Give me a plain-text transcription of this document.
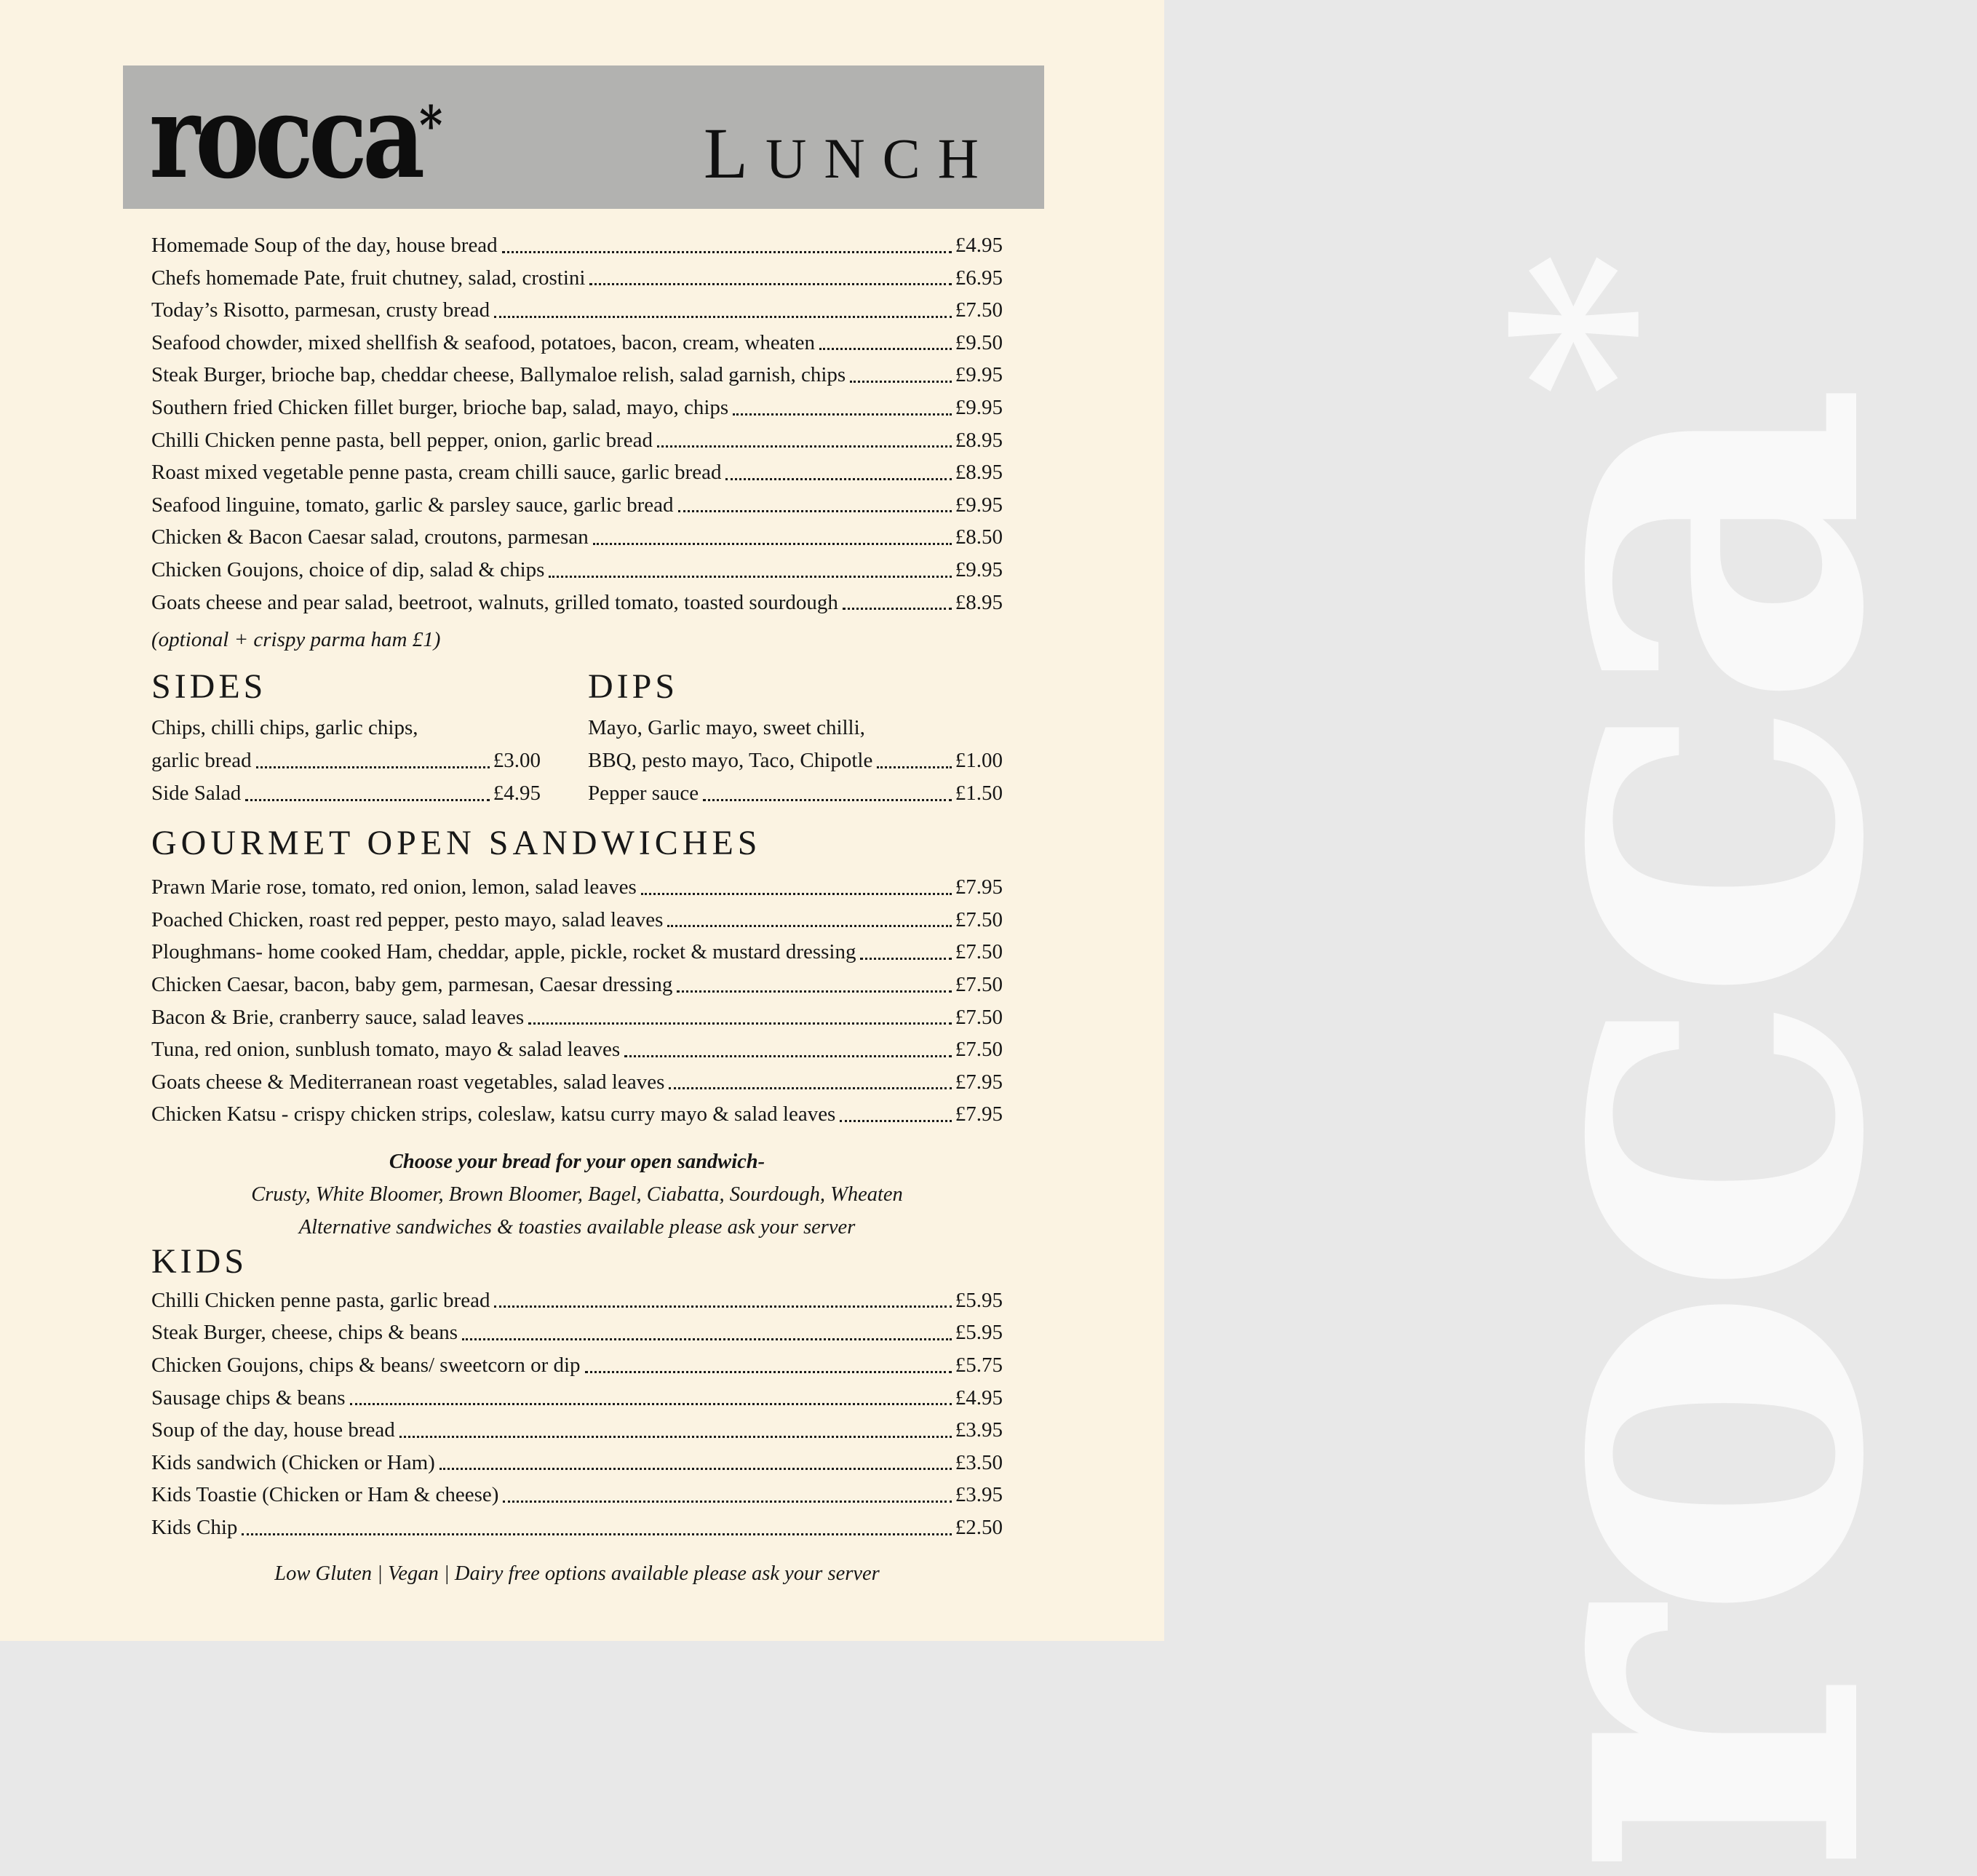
rocca*
rocca*	LUNCH
Homemade Soup of the day, house bread	£4.95
Chefs homemade Pate, fruit chutney, salad, crostini	£6.95
Today’s Risotto, parmesan, crusty bread	£7.50
Seafood chowder, mixed shellfish & seafood, potatoes, bacon, cream, wheaten	£9.50
Steak Burger, brioche bap, cheddar cheese, Ballymaloe relish, salad garnish, chips	£9.95
Southern fried Chicken fillet burger, brioche bap, salad, mayo, chips	£9.95
Chilli Chicken penne pasta, bell pepper, onion, garlic bread	£8.95
Roast mixed vegetable penne pasta, cream chilli sauce, garlic bread	£8.95
Seafood linguine, tomato, garlic & parsley sauce, garlic bread	£9.95
Chicken & Bacon Caesar salad, croutons, parmesan	£8.50
Chicken Goujons, choice of dip, salad & chips	£9.95
Goats cheese and pear salad, beetroot, walnuts, grilled tomato, toasted sourdough	£8.95
(optional + crispy parma ham £1)
SIDES
Chips, chilli chips, garlic chips,
garlic bread	£3.00
Side Salad	£4.95
DIPS
Mayo, Garlic mayo, sweet chilli,
BBQ, pesto mayo, Taco, Chipotle	£1.00
Pepper sauce	£1.50
GOURMET OPEN SANDWICHES
Prawn Marie rose, tomato, red onion, lemon, salad leaves	£7.95
Poached Chicken, roast red pepper, pesto mayo, salad leaves	£7.50
Ploughmans- home cooked Ham, cheddar, apple, pickle, rocket & mustard dressing	£7.50
Chicken Caesar, bacon, baby gem, parmesan, Caesar dressing	£7.50
Bacon & Brie, cranberry sauce, salad leaves	£7.50
Tuna, red onion, sunblush tomato, mayo & salad leaves	£7.50
Goats cheese & Mediterranean roast vegetables, salad leaves	£7.95
Chicken Katsu - crispy chicken strips, coleslaw, katsu curry mayo & salad leaves	£7.95
Choose your bread for your open sandwich-
Crusty, White Bloomer, Brown Bloomer, Bagel, Ciabatta, Sourdough, Wheaten
Alternative sandwiches & toasties available please ask your server
KIDS
Chilli Chicken penne pasta, garlic bread	£5.95
Steak Burger, cheese, chips & beans	£5.95
Chicken Goujons, chips & beans/ sweetcorn or dip	£5.75
Sausage chips & beans	£4.95
Soup of the day, house bread	£3.95
Kids sandwich (Chicken or Ham)	£3.50
Kids Toastie (Chicken or Ham & cheese)	£3.95
Kids Chip	£2.50
Low Gluten | Vegan | Dairy free options available please ask your server
